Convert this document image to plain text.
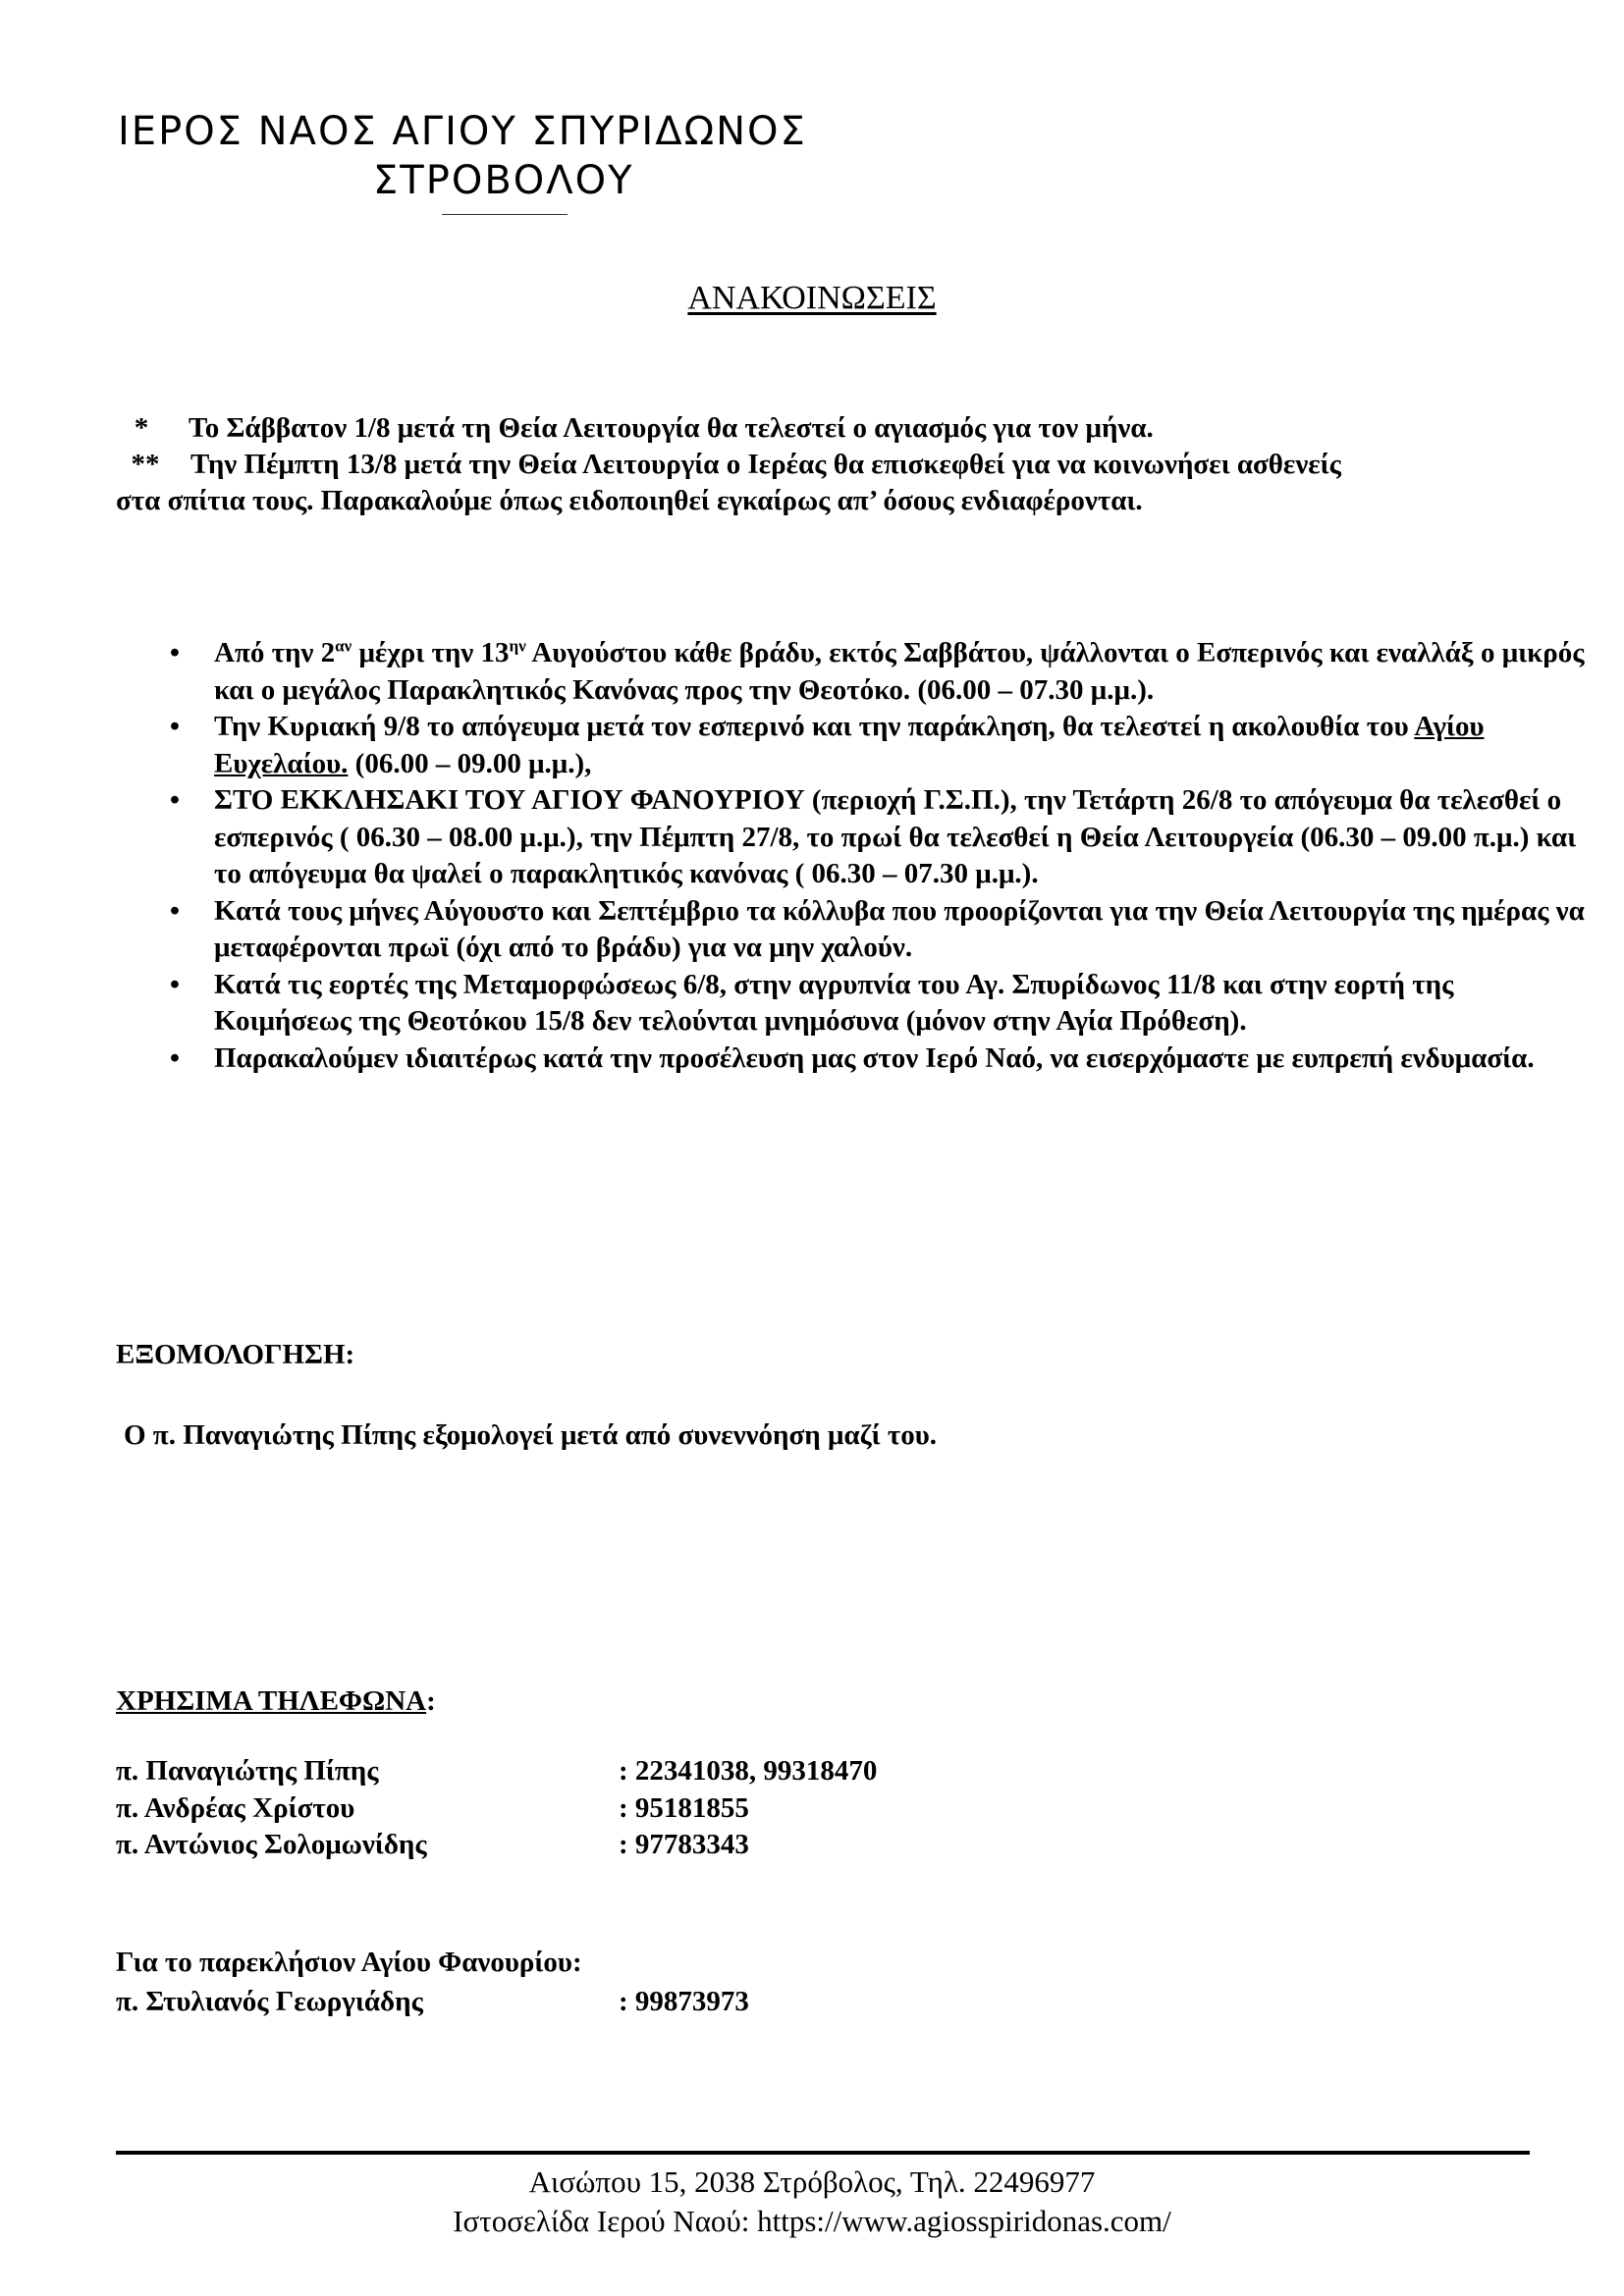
ΙΕΡΟΣ ΝΑΟΣ ΑΓΙΟΥ ΣΠΥΡΙΔΩΝΟΣ
ΣΤΡΟΒΟΛΟΥ
ΑΝΑΚΟΙΝΩΣΕΙΣ
*	Το Σάββατον 1/8 μετά τη Θεία Λειτουργία θα τελεστεί ο αγιασμός για τον μήνα.
** Την Πέμπτη 13/8 μετά την Θεία Λειτουργία ο Ιερέας θα επισκεφθεί για να κοινωνήσει ασθενείς
στα σπίτια τους. Παρακαλούμε όπως ειδοποιηθεί εγκαίρως απ’ όσους ενδιαφέρονται.
• Από την $2^{\alpha\nu}$ μέχρι την $13^{\eta\nu}$ Αυγούστου κάθε βράδυ, εκτός Σαββάτου, ψάλλονται ο Εσπερινός και εναλλάξ ο μικρός και ο μεγάλος Παρακλητικός Κανόνας προς την Θεοτόκο. (06.00 – 07.30 μ.μ.).
• Την Κυριακή 9/8 το απόγευμα μετά τον εσπερινό και την παράκληση, θα τελεστεί η ακολουθία του Αγίου Ευχελαίου. (06.00 – 09.00 μ.μ.),
• ΣΤΟ ΕΚΚΛΗΣΑΚΙ ΤΟΥ ΑΓΙΟΥ ΦΑΝΟΥΡΙΟΥ (περιοχή Γ.Σ.Π.), την Τετάρτη 26/8 το απόγευμα θα τελεσθεί ο εσπερινός ( 06.30 – 08.00 μ.μ.), την Πέμπτη 27/8, το πρωί θα τελεσθεί η Θεία Λειτουργεία (06.30 – 09.00 π.μ.) και το απόγευμα θα ψαλεί ο παρακλητικός κανόνας ( 06.30 – 07.30 μ.μ.).
• Κατά τους μήνες Αύγουστο και Σεπτέμβριο τα κόλλυβα που προορίζονται για την Θεία Λειτουργία της ημέρας να μεταφέρονται πρωϊ (όχι από το βράδυ) για να μην χαλούν.
• Κατά τις εορτές της Μεταμορφώσεως 6/8, στην αγρυπνία του Αγ. Σπυρίδωνος 11/8 και στην εορτή της Κοιμήσεως της Θεοτόκου 15/8 δεν τελούνται μνημόσυνα (μόνον στην Αγία Πρόθεση).
• Παρακαλούμεν ιδιαιτέρως κατά την προσέλευση μας στον Ιερό Ναό, να εισερχόμαστε με ευπρεπή ενδυμασία.
ΕΞΟΜΟΛΟΓΗΣΗ:
Ο π. Παναγιώτης Πίπης εξομολογεί μετά από συνεννόηση μαζί του.
ΧΡΗΣΙΜΑ ΤΗΛΕΦΩΝΑ:
π. Παναγιώτης Πίπης	: 22341038, 99318470
π. Ανδρέας Χρίστου	: 95181855
π. Αντώνιος Σολομωνίδης	: 97783343
Για το παρεκλήσιον Αγίου Φανουρίου:
π. Στυλιανός Γεωργιάδης	: 99873973
Αισώπου 15, 2038 Στρόβολος, Τηλ. 22496977
Ιστοσελίδα Ιερού Ναού: https://www.agiosspiridonas.com/
